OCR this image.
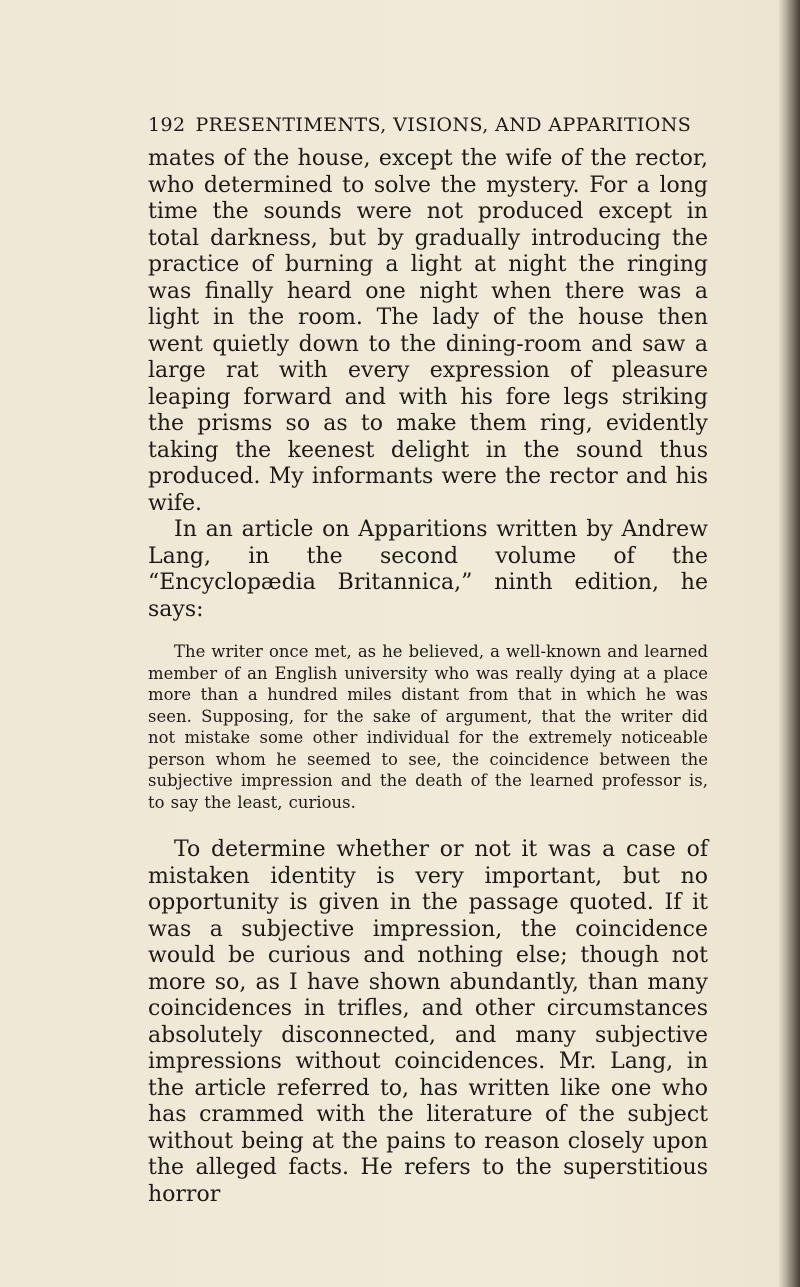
192 PRESENTIMENTS, VISIONS, AND APPARITIONS

mates of the house, except the wife of the rector, who determined to solve the mystery. For a long time the sounds were not produced except in total darkness, but by gradually introducing the practice of burning a light at night the ringing was finally heard one night when there was a light in the room. The lady of the house then went quietly down to the dining-room and saw a large rat with every expression of pleasure leaping forward and with his fore legs striking the prisms so as to make them ring, evidently taking the keenest delight in the sound thus produced. My informants were the rector and his wife.

In an article on Apparitions written by Andrew Lang, in the second volume of the “Encyclopædia Britannica,” ninth edition, he says:

The writer once met, as he believed, a well-known and learned member of an English university who was really dying at a place more than a hundred miles distant from that in which he was seen. Supposing, for the sake of argument, that the writer did not mistake some other individual for the extremely noticeable person whom he seemed to see, the coincidence between the subjective impression and the death of the learned professor is, to say the least, curious.

To determine whether or not it was a case of mistaken identity is very important, but no opportunity is given in the passage quoted. If it was a subjective impression, the coincidence would be curious and nothing else; though not more so, as I have shown abundantly, than many coincidences in trifles, and other circumstances absolutely disconnected, and many subjective impressions without coincidences. Mr. Lang, in the article referred to, has written like one who has crammed with the literature of the subject without being at the pains to reason closely upon the alleged facts. He refers to the superstitious horror
